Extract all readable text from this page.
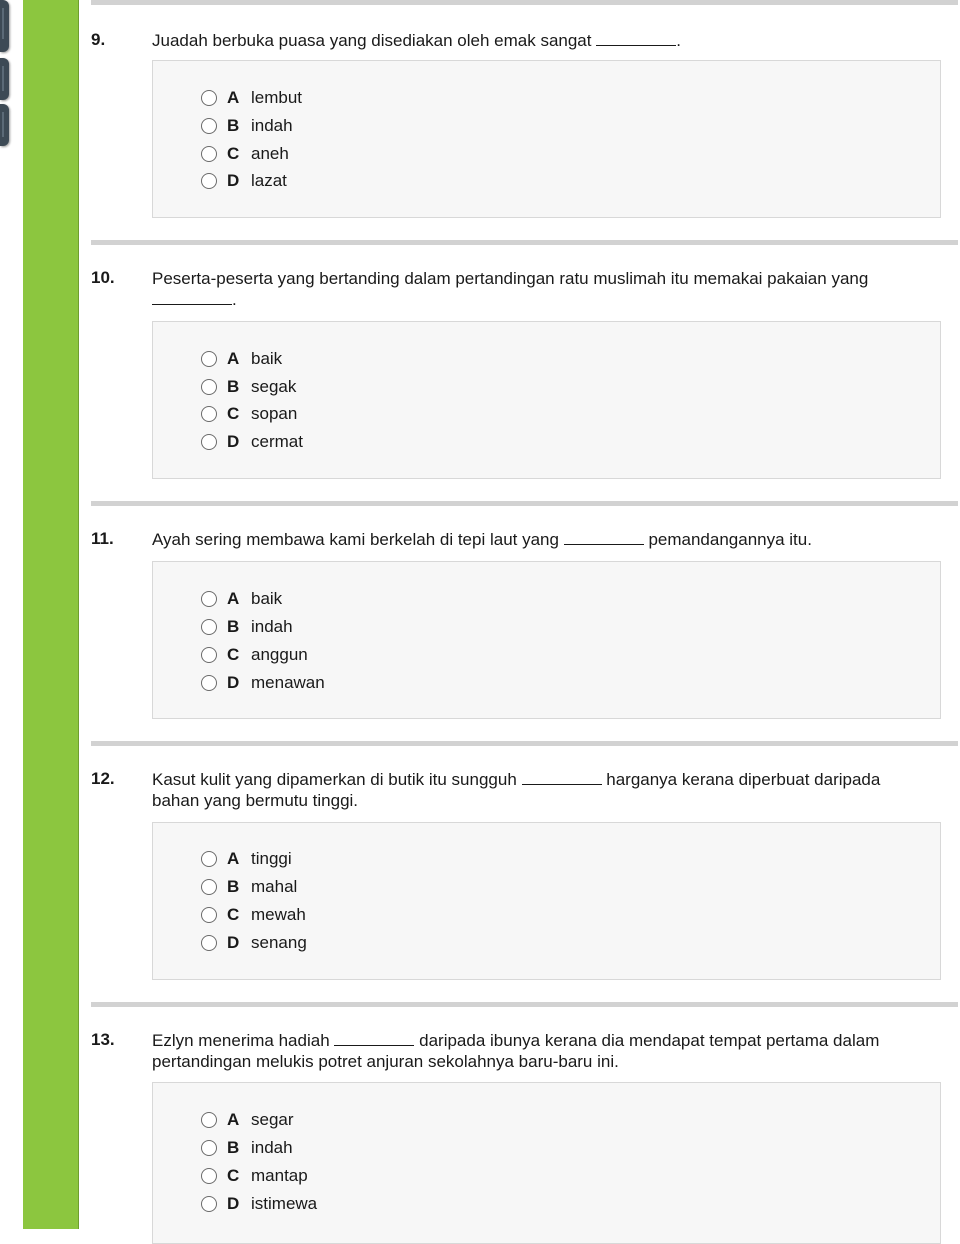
9.	Juadah berbuka puasa yang disediakan oleh emak sangat	.
A lembut
B indah
C aneh
D lazat
10. Peserta-peserta yang bertanding dalam pertandingan ratu muslimah itu memakai pakaian yang .
A baik
B segak
C sopan
D cermat
11. Ayah sering membawa kami berkelah di tepi laut yang	pemandangannya itu.
A baik
B indah
C anggun
D menawan
12. Kasut kulit yang dipamerkan di butik itu sungguh	harganya kerana diperbuat daripada bahan yang bermutu tinggi.
A tinggi
B mahal
C mewah
D senang
13. Ezlyn menerima hadiah	daripada ibunya kerana dia mendapat tempat pertama dalam pertandingan melukis potret anjuran sekolahnya baru-baru ini.
A segar
B indah
C mantap
D istimewa
